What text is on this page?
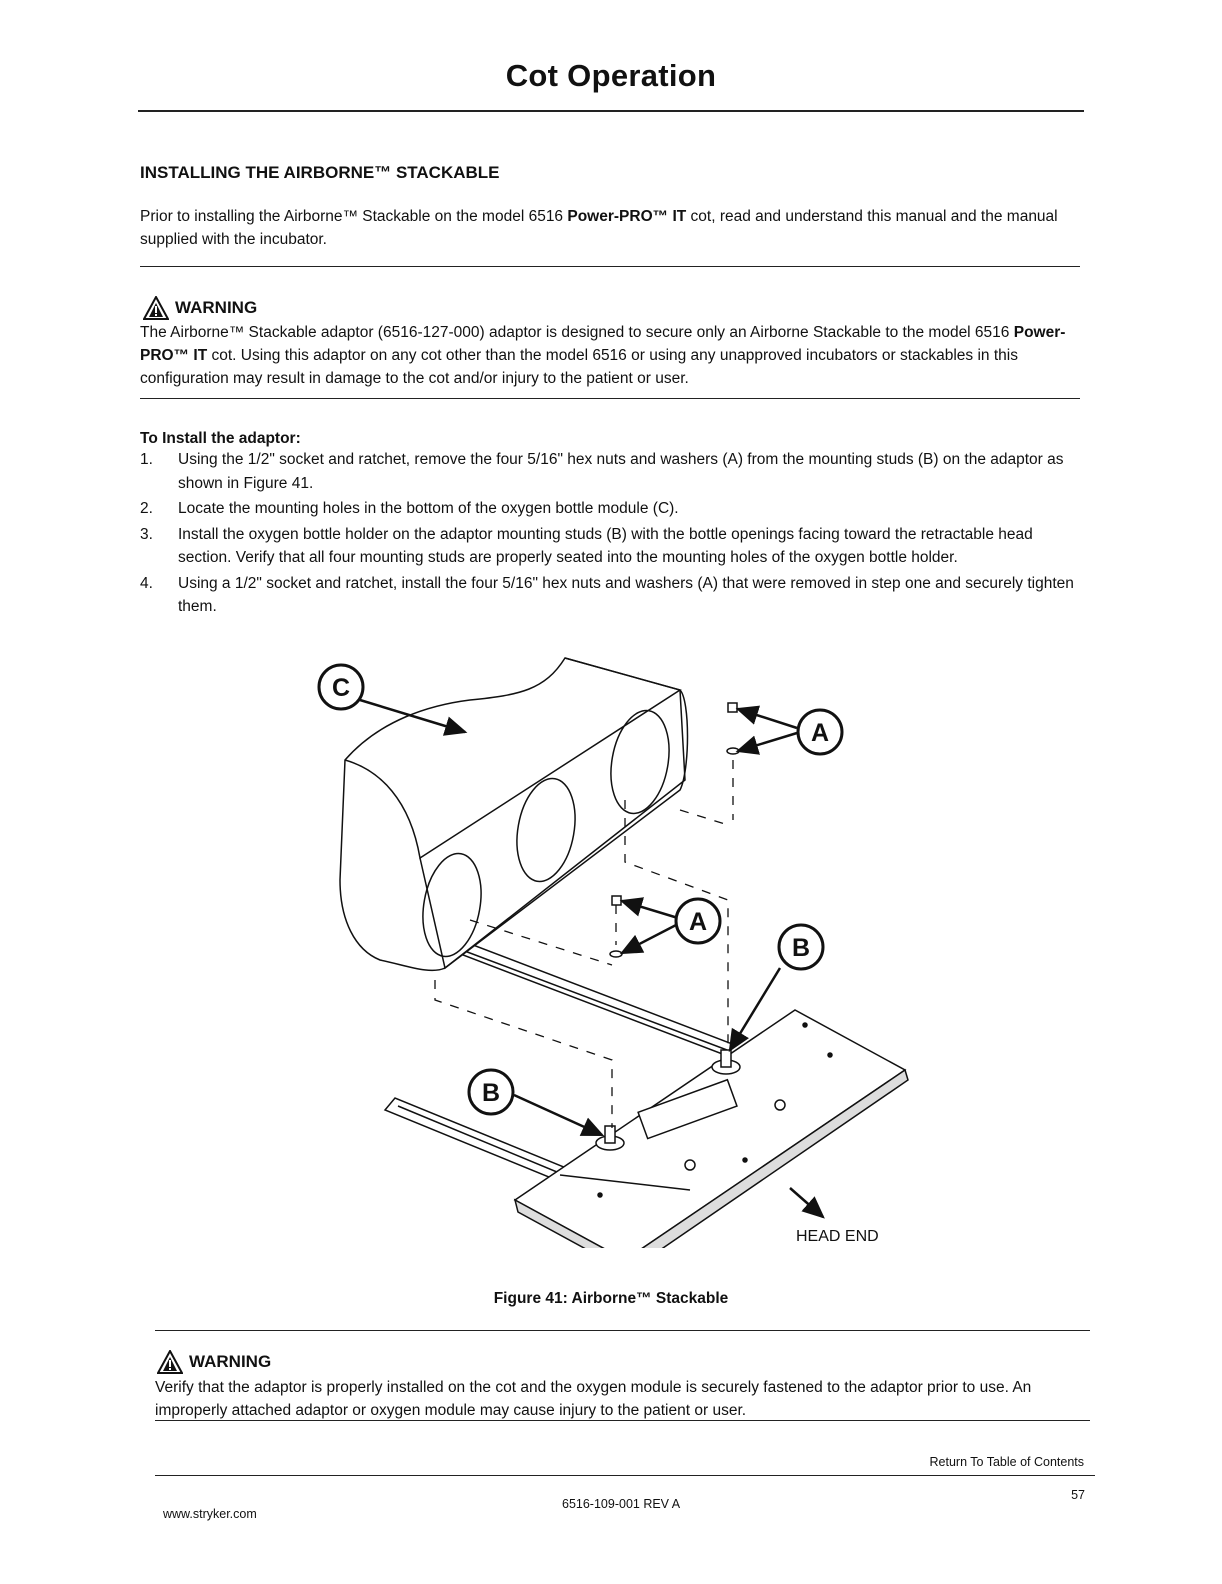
Cot Operation
INSTALLING THE AIRBORNE™ STACKABLE
Prior to installing the Airborne™ Stackable on the model 6516 Power-PRO™ IT cot, read and understand this manual and the manual supplied with the incubator.
WARNING
The Airborne™ Stackable adaptor (6516-127-000) adaptor is designed to secure only an Airborne Stackable to the model 6516 Power-PRO™ IT cot. Using this adaptor on any cot other than the model 6516 or using any unapproved incubators or stackables in this configuration may result in damage to the cot and/or injury to the patient or user.
To Install the adaptor:
1.	Using the 1/2" socket and ratchet, remove the four 5/16" hex nuts and washers (A) from the mounting studs (B) on the adaptor as shown in Figure 41.
2.	Locate the mounting holes in the bottom of the oxygen bottle module (C).
3.	Install the oxygen bottle holder on the adaptor mounting studs (B) with the bottle openings facing toward the retractable head section. Verify that all four mounting studs are properly seated into the mounting holes of the oxygen bottle holder.
4.	Using a 1/2" socket and ratchet, install the four 5/16" hex nuts and washers (A) that were removed in step one and securely tighten them.
C
A
A
B
B
HEAD END
Figure 41: Airborne™ Stackable
WARNING
Verify that the adaptor is properly installed on the cot and the oxygen module is securely fastened to the adaptor prior to use. An improperly attached adaptor or oxygen module may cause injury to the patient or user.
Return To Table of Contents
www.stryker.com
6516-109-001 REV A
57
